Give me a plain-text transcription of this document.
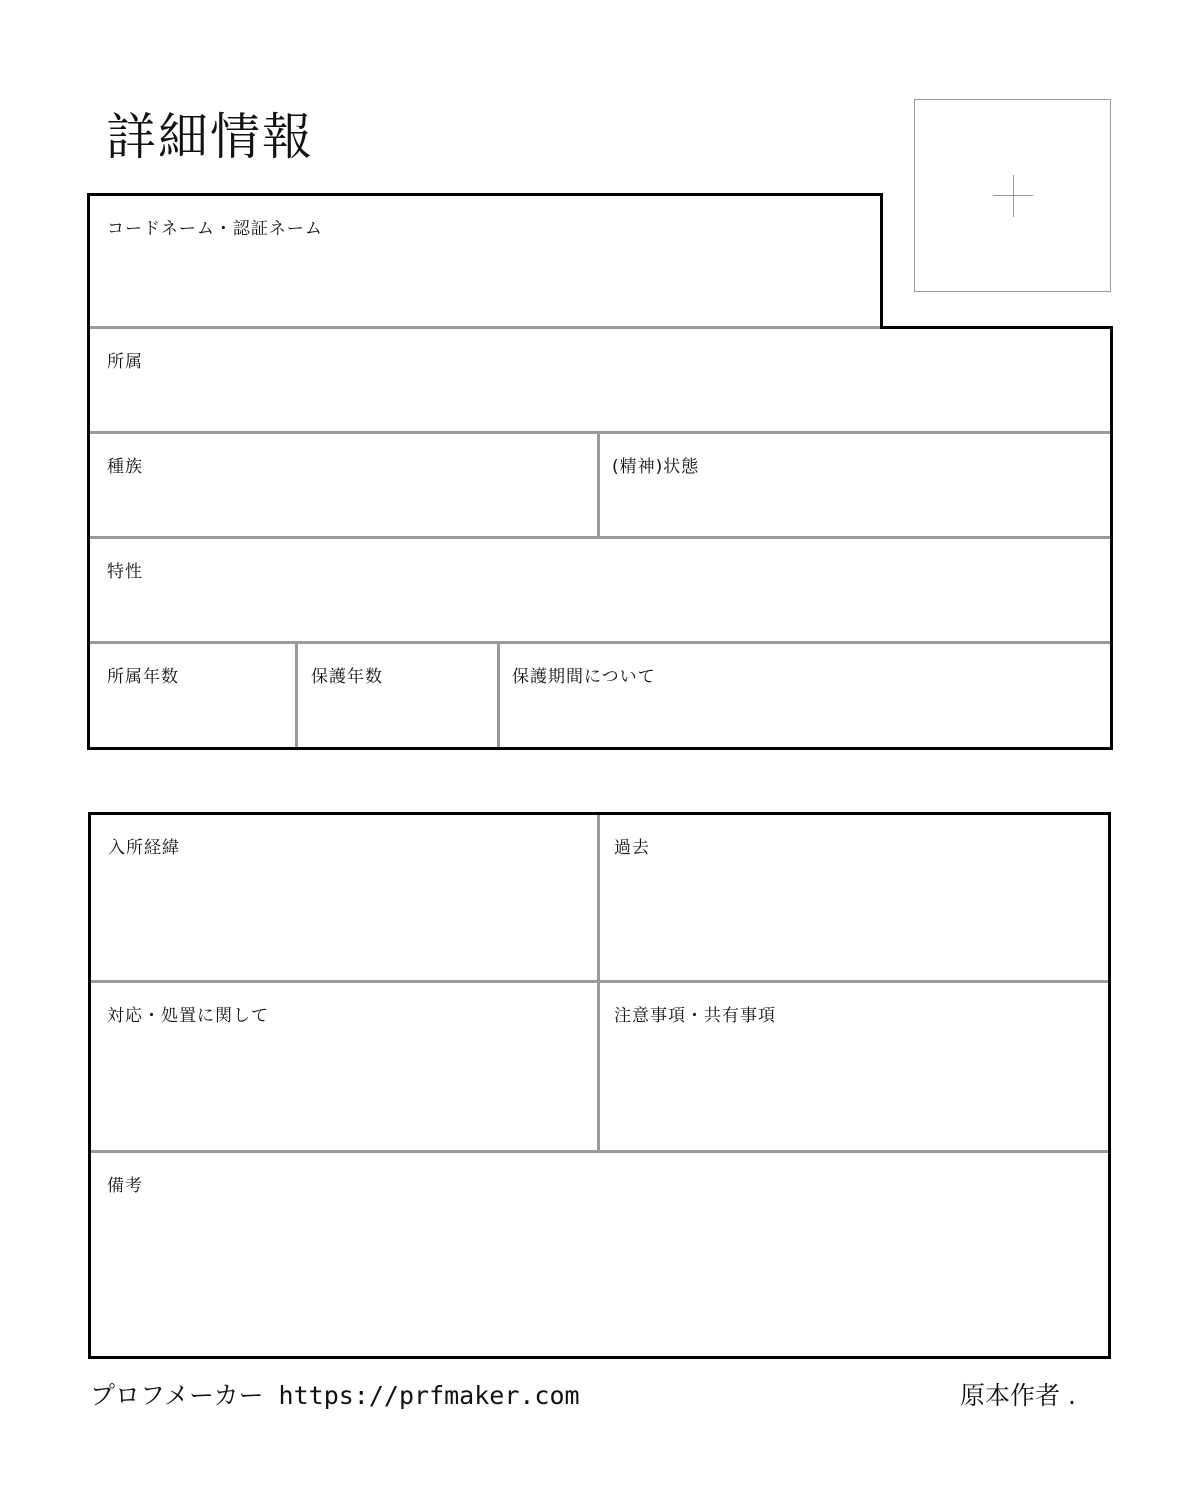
詳細情報
コードネーム・認証ネーム
所属
種族	(精神)状態
特性
所属年数	保護年数	保護期間について
入所経緯	過去
対応・処置に関して	注意事項・共有事項
備考
プロフメーカー https://prfmaker.com	原本作者 .
